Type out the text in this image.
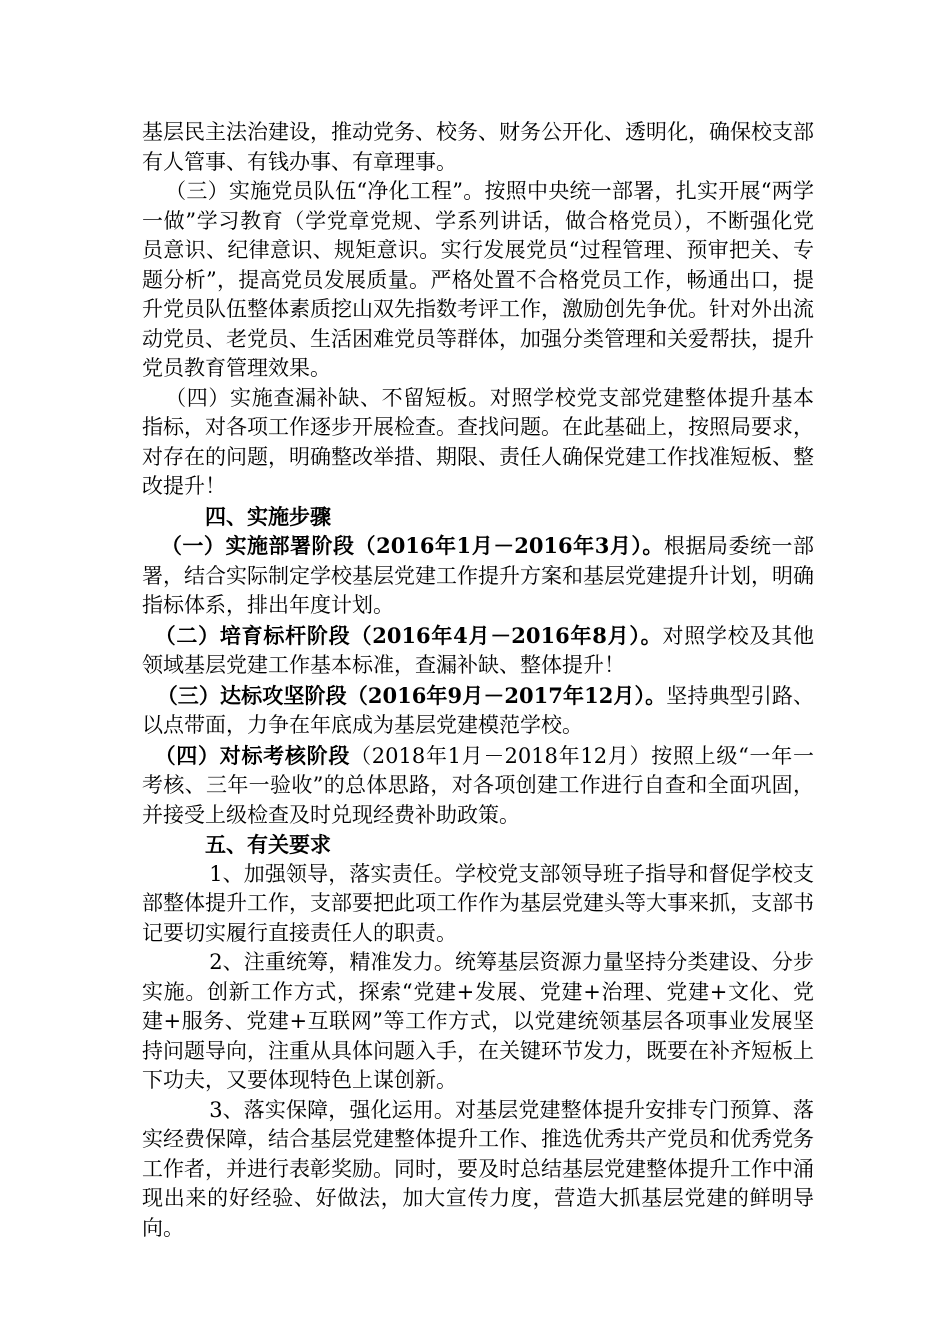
基层民主法治建设，推动党务、校务、财务公开化、透明化，确保校支部有人管事、有钱办事、有章理事。

（三）实施党员队伍“净化工程”。按照中央统一部署，扎实开展“两学一做”学习教育（学党章党规、学系列讲话，做合格党员），不断强化党员意识、纪律意识、规矩意识。实行发展党员“过程管理、预审把关、专题分析”，提高党员发展质量。严格处置不合格党员工作，畅通出口，提升党员队伍整体素质挖山双先指数考评工作，激励创先争优。针对外出流动党员、老党员、生活困难党员等群体，加强分类管理和关爱帮扶，提升党员教育管理效果。

（四）实施查漏补缺、不留短板。对照学校党支部党建整体提升基本指标，对各项工作逐步开展检查。查找问题。在此基础上，按照局要求，对存在的问题，明确整改举措、期限、责任人确保党建工作找准短板、整改提升！

四、实施步骤

（一）实施部署阶段（2016年1月－2016年3月）。根据局委统一部署，结合实际制定学校基层党建工作提升方案和基层党建提升计划，明确指标体系，排出年度计划。

（二）培育标杆阶段（2016年4月－2016年8月）。对照学校及其他领域基层党建工作基本标准，查漏补缺、整体提升！

（三）达标攻坚阶段（2016年9月－2017年12月）。坚持典型引路、以点带面，力争在年底成为基层党建模范学校。

（四）对标考核阶段（2018年1月－2018年12月）按照上级“一年一考核、三年一验收”的总体思路，对各项创建工作进行自查和全面巩固，并接受上级检查及时兑现经费补助政策。

五、有关要求

1、加强领导，落实责任。学校党支部领导班子指导和督促学校支部整体提升工作，支部要把此项工作作为基层党建头等大事来抓，支部书记要切实履行直接责任人的职责。

2、注重统筹，精准发力。统筹基层资源力量坚持分类建设、分步实施。创新工作方式，探索“党建+发展、党建+治理、党建+文化、党建+服务、党建+互联网”等工作方式，以党建统领基层各项事业发展坚持问题导向，注重从具体问题入手，在关键环节发力，既要在补齐短板上下功夫，又要体现特色上谋创新。

3、落实保障，强化运用。对基层党建整体提升安排专门预算、落实经费保障，结合基层党建整体提升工作、推选优秀共产党员和优秀党务工作者，并进行表彰奖励。同时，要及时总结基层党建整体提升工作中涌现出来的好经验、好做法，加大宣传力度，营造大抓基层党建的鲜明导向。
